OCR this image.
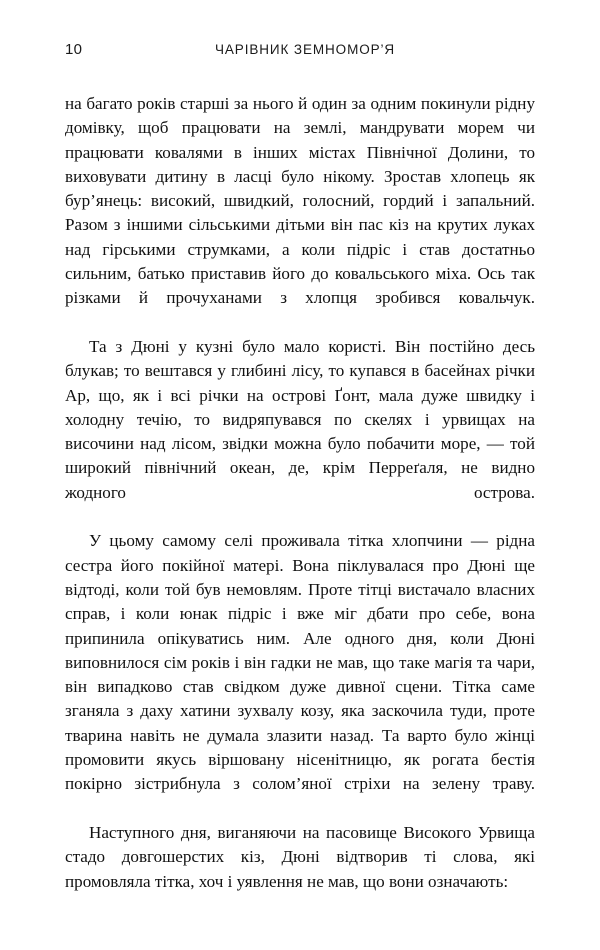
10	ЧАРІВНИК ЗЕМНОМОР’Я

на багато років старші за нього й один за одним покинули рідну домівку, щоб працювати на землі, мандрувати морем чи працювати ковалями в інших містах Північної Долини, то виховувати дитину в ласці було нікому. Зростав хлопець як бур’янець: високий, швидкий, голосний, гордий і запальний. Разом з іншими сільськими дітьми він пас кіз на крутих луках над гірськими струмками, а коли підріс і став достатньо сильним, батько приставив його до ковальського міха. Ось так різками й прочуханами з хлопця зробився ковальчук.

Та з Дюні у кузні було мало користі. Він постійно десь блукав; то вештався у глибині лісу, то купався в басейнах річки Ар, що, як і всі річки на острові Ґонт, мала дуже швидку і холодну течію, то видряпувався по скелях і урвищах на височини над лісом, звідки можна було побачити море, — той широкий північний океан, де, крім Перреґаля, не видно жодного острова.

У цьому самому селі проживала тітка хлопчини — рідна сестра його покійної матері. Вона піклувалася про Дюні ще відтоді, коли той був немовлям. Проте тітці вистачало власних справ, і коли юнак підріс і вже міг дбати про себе, вона припинила опікуватись ним. Але одного дня, коли Дюні виповнилося сім років і він гадки не мав, що таке магія та чари, він випадково став свідком дуже дивної сцени. Тітка саме зганяла з даху хатини зухвалу козу, яка заскочила туди, проте тварина навіть не думала злазити назад. Та варто було жінці промовити якусь віршовану нісенітницю, як рогата бестія покірно зістрибнула з солом’яної стріхи на зелену траву.

Наступного дня, виганяючи на пасовище Високого Урвища стадо довгошерстих кіз, Дюні відтворив ті слова, які промовляла тітка, хоч і уявлення не мав, що вони означають:
